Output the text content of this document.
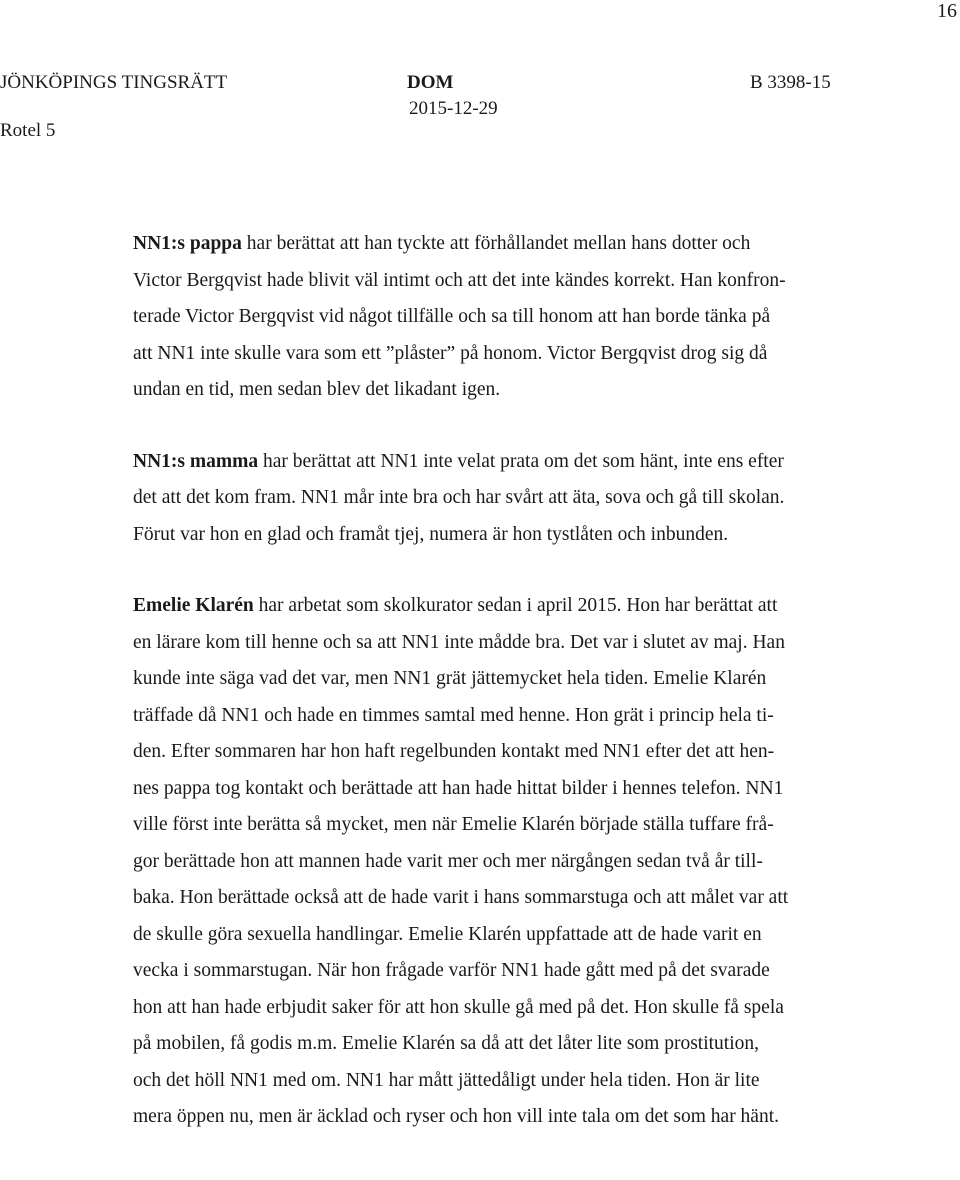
16
JÖNKÖPINGS TINGSRÄTT
Rotel 5
DOM
2015-12-29
B 3398-15
NN1:s pappa har berättat att han tyckte att förhållandet mellan hans dotter och
Victor Bergqvist hade blivit väl intimt och att det inte kändes korrekt. Han konfron-
terade Victor Bergqvist vid något tillfälle och sa till honom att han borde tänka på
att NN1 inte skulle vara som ett ”plåster” på honom. Victor Bergqvist drog sig då
undan en tid, men sedan blev det likadant igen.
NN1:s mamma har berättat att NN1 inte velat prata om det som hänt, inte ens efter
det att det kom fram. NN1 mår inte bra och har svårt att äta, sova och gå till skolan.
Förut var hon en glad och framåt tjej, numera är hon tystlåten och inbunden.
Emelie Klarén har arbetat som skolkurator sedan i april 2015. Hon har berättat att
en lärare kom till henne och sa att NN1 inte mådde bra. Det var i slutet av maj. Han
kunde inte säga vad det var, men NN1 grät jättemycket hela tiden. Emelie Klarén
träffade då NN1 och hade en timmes samtal med henne. Hon grät i princip hela ti-
den. Efter sommaren har hon haft regelbunden kontakt med NN1 efter det att hen-
nes pappa tog kontakt och berättade att han hade hittat bilder i hennes telefon. NN1
ville först inte berätta så mycket, men när Emelie Klarén började ställa tuffare frå-
gor berättade hon att mannen hade varit mer och mer närgången sedan två år till-
baka. Hon berättade också att de hade varit i hans sommarstuga och att målet var att
de skulle göra sexuella handlingar. Emelie Klarén uppfattade att de hade varit en
vecka i sommarstugan. När hon frågade varför NN1 hade gått med på det svarade
hon att han hade erbjudit saker för att hon skulle gå med på det. Hon skulle få spela
på mobilen, få godis m.m. Emelie Klarén sa då att det låter lite som prostitution,
och det höll NN1 med om. NN1 har mått jättedåligt under hela tiden. Hon är lite
mera öppen nu, men är äcklad och ryser och hon vill inte tala om det som har hänt.
